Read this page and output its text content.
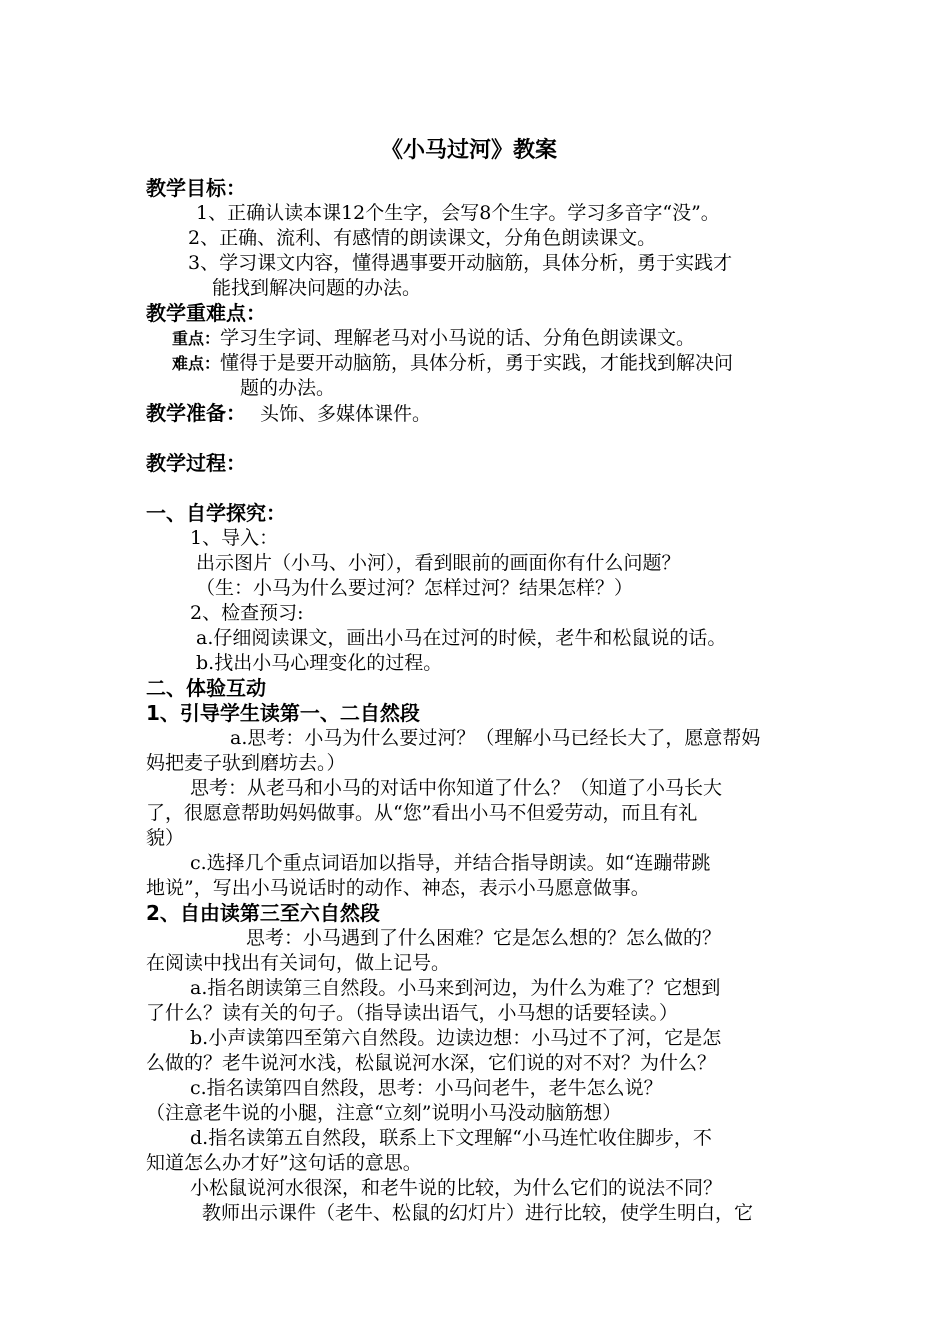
《小马过河》教案
教学目标：
1、正确认读本课12个生字，会写8个生字。学习多音字“没”。
2、正确、流利、有感情的朗读课文，分角色朗读课文。
3、学习课文内容，懂得遇事要开动脑筋，具体分析，勇于实践才
能找到解决问题的办法。
教学重难点：
重点：学习生字词、理解老马对小马说的话、分角色朗读课文。
难点：懂得于是要开动脑筋，具体分析，勇于实践，才能找到解决问
题的办法。
教学准备： 头饰、多媒体课件。
教学过程：
一、自学探究：
1、导入：
出示图片（小马、小河），看到眼前的画面你有什么问题？
（生：小马为什么要过河？怎样过河？结果怎样？）
2、检查预习:
a.仔细阅读课文，画出小马在过河的时候，老牛和松鼠说的话。
b.找出小马心理变化的过程。
二、体验互动
1、引导学生读第一、二自然段
a.思考：小马为什么要过河？（理解小马已经长大了，愿意帮妈
妈把麦子驮到磨坊去。）
思考：从老马和小马的对话中你知道了什么？（知道了小马长大
了，很愿意帮助妈妈做事。从“您”看出小马不但爱劳动，而且有礼
貌）
c.选择几个重点词语加以指导，并结合指导朗读。如“连蹦带跳
地说”，写出小马说话时的动作、神态，表示小马愿意做事。
2、自由读第三至六自然段
思考：小马遇到了什么困难？它是怎么想的？怎么做的？
在阅读中找出有关词句，做上记号。
a.指名朗读第三自然段。小马来到河边，为什么为难了？它想到
了什么？读有关的句子。（指导读出语气，小马想的话要轻读。）
b.小声读第四至第六自然段。边读边想：小马过不了河，它是怎
么做的？老牛说河水浅，松鼠说河水深，它们说的对不对？为什么？
c.指名读第四自然段，思考：小马问老牛，老牛怎么说？
（注意老牛说的小腿，注意“立刻”说明小马没动脑筋想）
d.指名读第五自然段，联系上下文理解“小马连忙收住脚步，不
知道怎么办才好”这句话的意思。
小松鼠说河水很深，和老牛说的比较，为什么它们的说法不同？
教师出示课件（老牛、松鼠的幻灯片）进行比较，使学生明白，它
